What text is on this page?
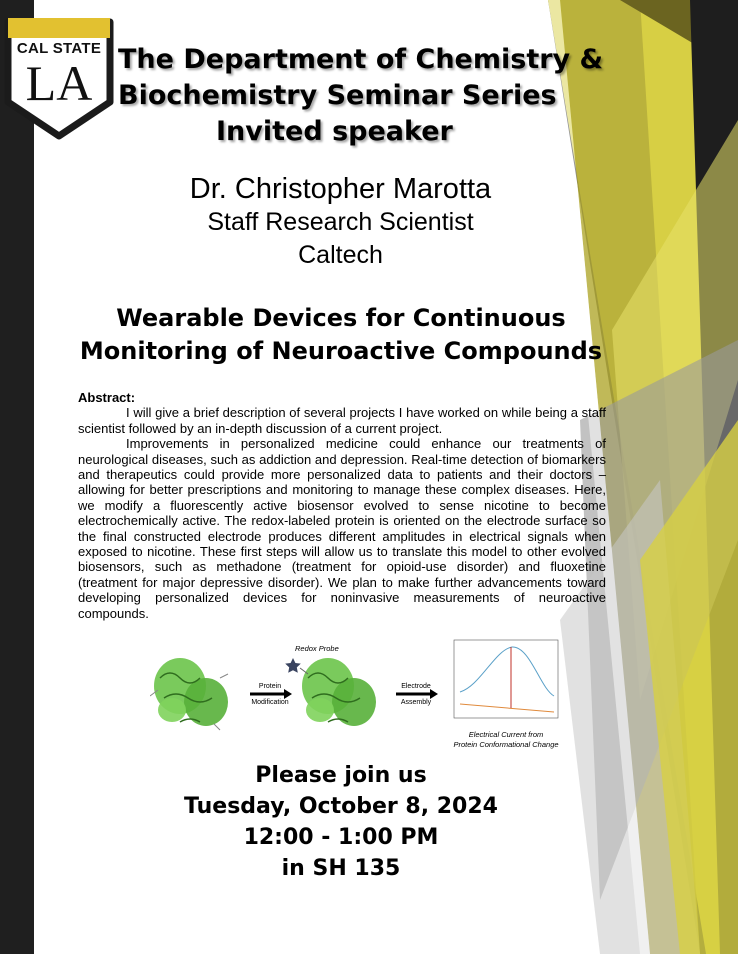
CAL STATE
LA The Department of Chemistry &
Biochemistry Seminar Series
Invited speaker
Dr. Christopher Marotta
Staff Research Scientist
Caltech
Wearable Devices for Continuous
Monitoring of Neuroactive Compounds
Abstract:

I will give a brief description of several projects I have worked on while being a staff scientist followed by an in-depth discussion of a current project.

Improvements in personalized medicine could enhance our treatments of neurological diseases, such as addiction and depression. Real-time detection of biomarkers and therapeutics could provide more personalized data to patients and their doctors – allowing for better prescriptions and monitoring to manage these complex diseases. Here, we modify a fluorescently active biosensor evolved to sense nicotine to become electrochemically active. The redox-labeled protein is oriented on the electrode surface so the final constructed electrode produces different amplitudes in electrical signals when exposed to nicotine. These first steps will allow us to translate this model to other evolved biosensors, such as methadone (treatment for opioid-use disorder) and fluoxetine (treatment for major depressive disorder). We plan to make further advancements toward developing personalized devices for noninvasive measurements of neuroactive compounds.

Protein
Modification
Redox Probe
Electrode
Assembly
Electrical Current from
Protein Conformational Change
Please join us
Tuesday, October 8, 2024
12:00 - 1:00 PM
in SH 135
